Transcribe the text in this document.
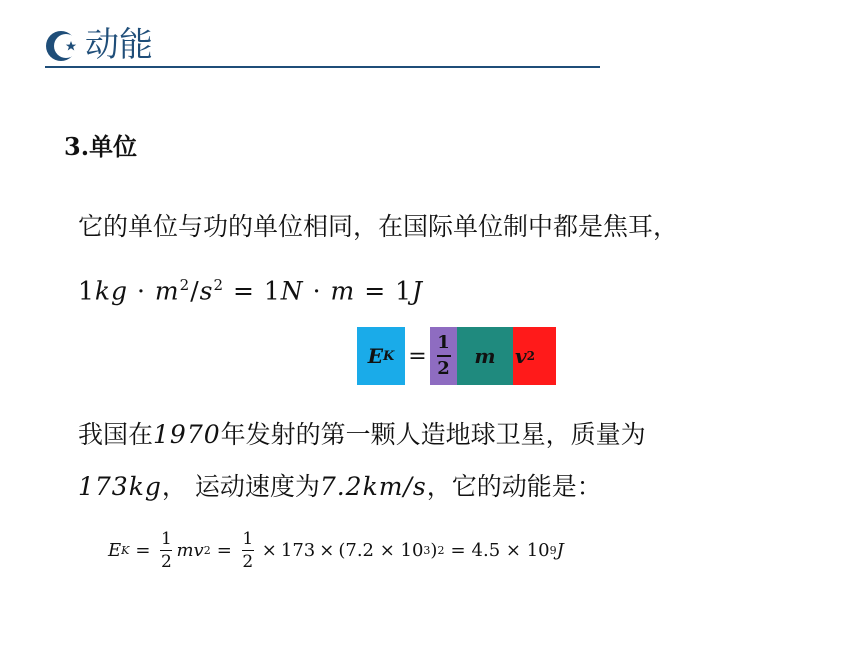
动能
3.单位
它的单位与功的单位相同，在国际单位制中都是焦耳，
$1kg \cdot m^2/s^2 = 1N \cdot m = 1J$
E K =
1
2
m v 2
我国在1970年发射的第一颗人造地球卫星，质量为
173kg， 运动速度为7.2km/s，它的动能是：
E $K = \frac{1}{2}$ mv $2 = \frac{1}{2} \times 173 \times (7.2 \times 10$ 3 ) 2 = 4.5 × 10 9 J
